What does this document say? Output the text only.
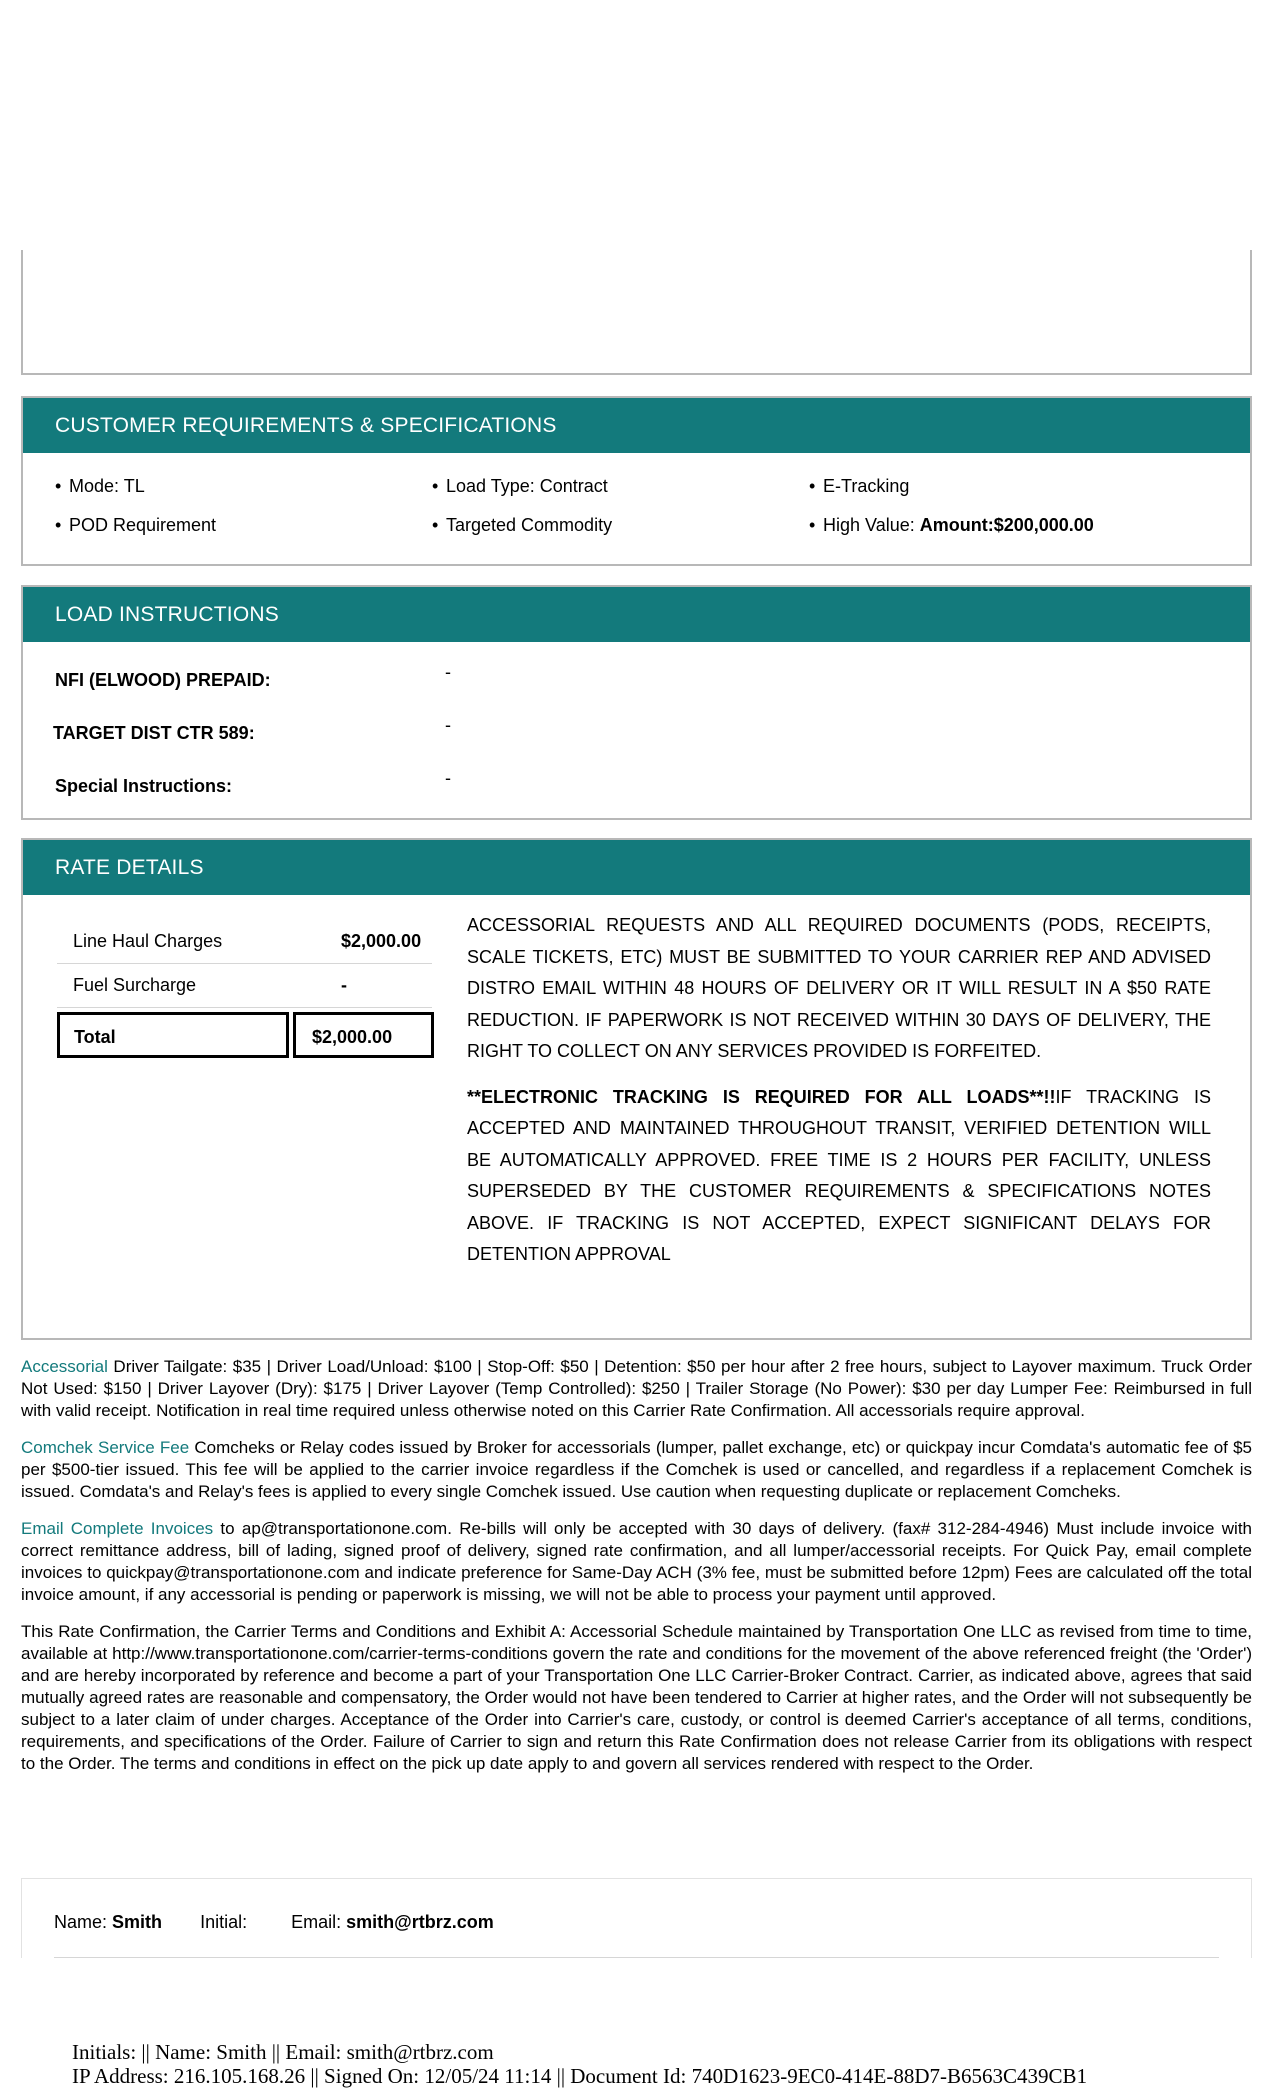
CUSTOMER REQUIREMENTS & SPECIFICATIONS
• Mode: TL	• Load Type: Contract	• E-Tracking
• POD Requirement	• Targeted Commodity	• High Value: Amount:$200,000.00
LOAD INSTRUCTIONS
NFI (ELWOOD) PREPAID:	-
TARGET DIST CTR 589:	-
Special Instructions:	-
RATE DETAILS
Line Haul Charges	$2,000.00
Fuel Surcharge	-
Total	$2,000.00

ACCESSORIAL REQUESTS AND ALL REQUIRED DOCUMENTS (PODS, RECEIPTS, SCALE TICKETS, ETC) MUST BE SUBMITTED TO YOUR CARRIER REP AND ADVISED DISTRO EMAIL WITHIN 48 HOURS OF DELIVERY OR IT WILL RESULT IN A $50 RATE REDUCTION. IF PAPERWORK IS NOT RECEIVED WITHIN 30 DAYS OF DELIVERY, THE RIGHT TO COLLECT ON ANY SERVICES PROVIDED IS FORFEITED.

**ELECTRONIC TRACKING IS REQUIRED FOR ALL LOADS**!!IF TRACKING IS ACCEPTED AND MAINTAINED THROUGHOUT TRANSIT, VERIFIED DETENTION WILL BE AUTOMATICALLY APPROVED. FREE TIME IS 2 HOURS PER FACILITY, UNLESS SUPERSEDED BY THE CUSTOMER REQUIREMENTS & SPECIFICATIONS NOTES ABOVE. IF TRACKING IS NOT ACCEPTED, EXPECT SIGNIFICANT DELAYS FOR DETENTION APPROVAL

Accessorial Driver Tailgate: $35 | Driver Load/Unload: $100 | Stop-Off: $50 | Detention: $50 per hour after 2 free hours, subject to Layover maximum. Truck Order Not Used: $150 | Driver Layover (Dry): $175 | Driver Layover (Temp Controlled): $250 | Trailer Storage (No Power): $30 per day Lumper Fee: Reimbursed in full with valid receipt. Notification in real time required unless otherwise noted on this Carrier Rate Confirmation. All accessorials require approval.

Comchek Service Fee Comcheks or Relay codes issued by Broker for accessorials (lumper, pallet exchange, etc) or quickpay incur Comdata's automatic fee of $5 per $500-tier issued. This fee will be applied to the carrier invoice regardless if the Comchek is used or cancelled, and regardless if a replacement Comchek is issued. Comdata's and Relay's fees is applied to every single Comchek issued. Use caution when requesting duplicate or replacement Comcheks.

Email Complete Invoices to ap@transportationone.com. Re-bills will only be accepted with 30 days of delivery. (fax# 312-284-4946) Must include invoice with correct remittance address, bill of lading, signed proof of delivery, signed rate confirmation, and all lumper/accessorial receipts. For Quick Pay, email complete invoices to quickpay@transportationone.com and indicate preference for Same-Day ACH (3% fee, must be submitted before 12pm) Fees are calculated off the total invoice amount, if any accessorial is pending or paperwork is missing, we will not be able to process your payment until approved.

This Rate Confirmation, the Carrier Terms and Conditions and Exhibit A: Accessorial Schedule maintained by Transportation One LLC as revised from time to time, available at http://www.transportationone.com/carrier-terms-conditions govern the rate and conditions for the movement of the above referenced freight (the 'Order') and are hereby incorporated by reference and become a part of your Transportation One LLC Carrier-Broker Contract. Carrier, as indicated above, agrees that said mutually agreed rates are reasonable and compensatory, the Order would not have been tendered to Carrier at higher rates, and the Order will not subsequently be subject to a later claim of under charges. Acceptance of the Order into Carrier's care, custody, or control is deemed Carrier's acceptance of all terms, conditions, requirements, and specifications of the Order. Failure of Carrier to sign and return this Rate Confirmation does not release Carrier from its obligations with respect to the Order. The terms and conditions in effect on the pick up date apply to and govern all services rendered with respect to the Order.

Name: Smith Initial: Email: smith@rtbrz.com
Initials: || Name: Smith || Email: smith@rtbrz.com
IP Address: 216.105.168.26 || Signed On: 12/05/24 11:14 || Document Id: 740D1623-9EC0-414E-88D7-B6563C439CB1
